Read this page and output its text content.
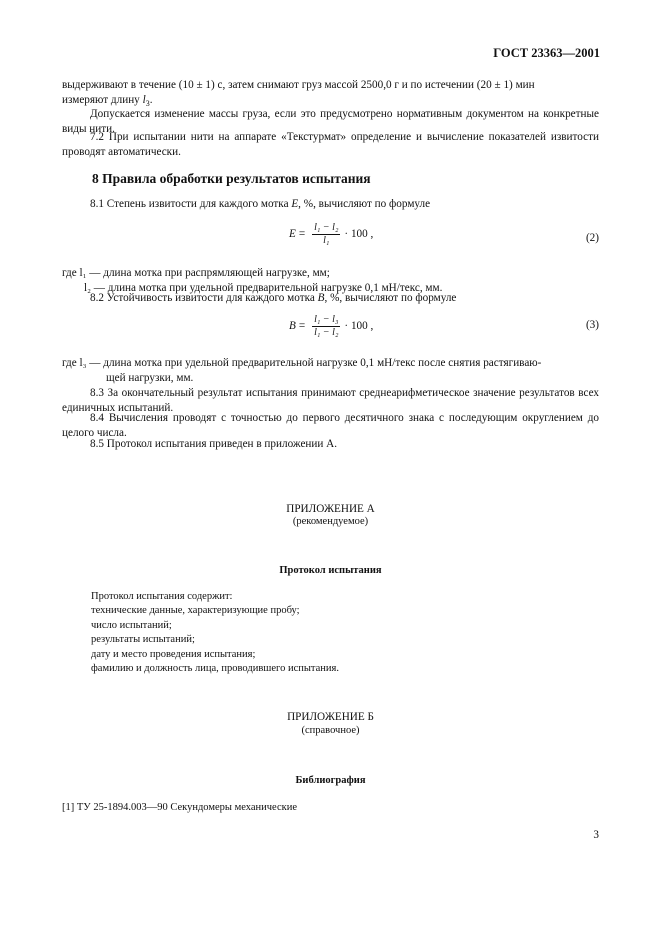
ГОСТ 23363—2001
выдерживают в течение (10 ± 1) с, затем снимают груз массой 2500,0 г и по истечении (20 ± 1) мин
измеряют длину $l_3$.
Допускается изменение массы груза, если это предусмотрено нормативным документом на конкретные виды нити.
7.2 При испытании нити на аппарате «Текстурмат» определение и вычисление показателей извитости проводят автоматически.
8 Правила обработки результатов испытания
8.1 Степень извитости для каждого мотка E, %, вычисляют по формуле
$E = \frac{\text{l₁ − l₂}}{\text{l₁}} \cdot 100$ ,	(2)
где l₁ — длина мотка при распрямляющей нагрузке, мм;
l₂ — длина мотка при удельной предварительной нагрузке 0,1 мН/текс, мм.
8.2 Устойчивость извитости для каждого мотка B, %, вычисляют по формуле
$B = \frac{\text{l₁ − l₃}}{\text{l₁ − l₂}} \cdot 100$ ,	(3)
где l₃ — длина мотка при удельной предварительной нагрузке 0,1 мН/текс после снятия растягиваю-
щей нагрузки, мм.
8.3 За окончательный результат испытания принимают среднеарифметическое значение результатов всех единичных испытаний.
8.4 Вычисления проводят с точностью до первого десятичного знака с последующим округлением до целого числа.
8.5 Протокол испытания приведен в приложении А.
ПРИЛОЖЕНИЕ А
(рекомендуемое)
Протокол испытания
Протокол испытания содержит:
технические данные, характеризующие пробу;
число испытаний;
результаты испытаний;
дату и место проведения испытания;
фамилию и должность лица, проводившего испытания.
ПРИЛОЖЕНИЕ Б
(справочное)
Библиография
[1] ТУ 25-1894.003—90 Секундомеры механические
3
